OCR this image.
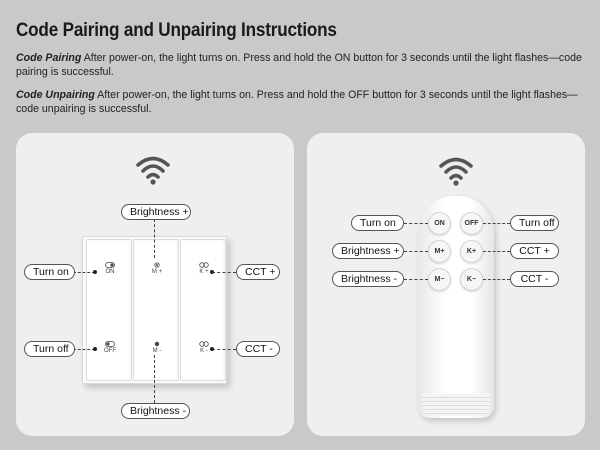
Code Pairing and Unpairing Instructions
Code Pairing After power-on, the light turns on. Press and hold the ON button for 3 seconds until the light flashes—code pairing is successful.
Code Unpairing After power-on, the light turns on. Press and hold the OFF button for 3 seconds until the light flashes—code unpairing is successful.
ON
OFF
M +
M -
K +
K -
Brightness +
Turn on
Turn off
CCT +
CCT -
Brightness -
ON	OFF
M+	K+
M−	K−
Turn on	Turn off
Brightness +	CCT +
Brightness -	CCT -
